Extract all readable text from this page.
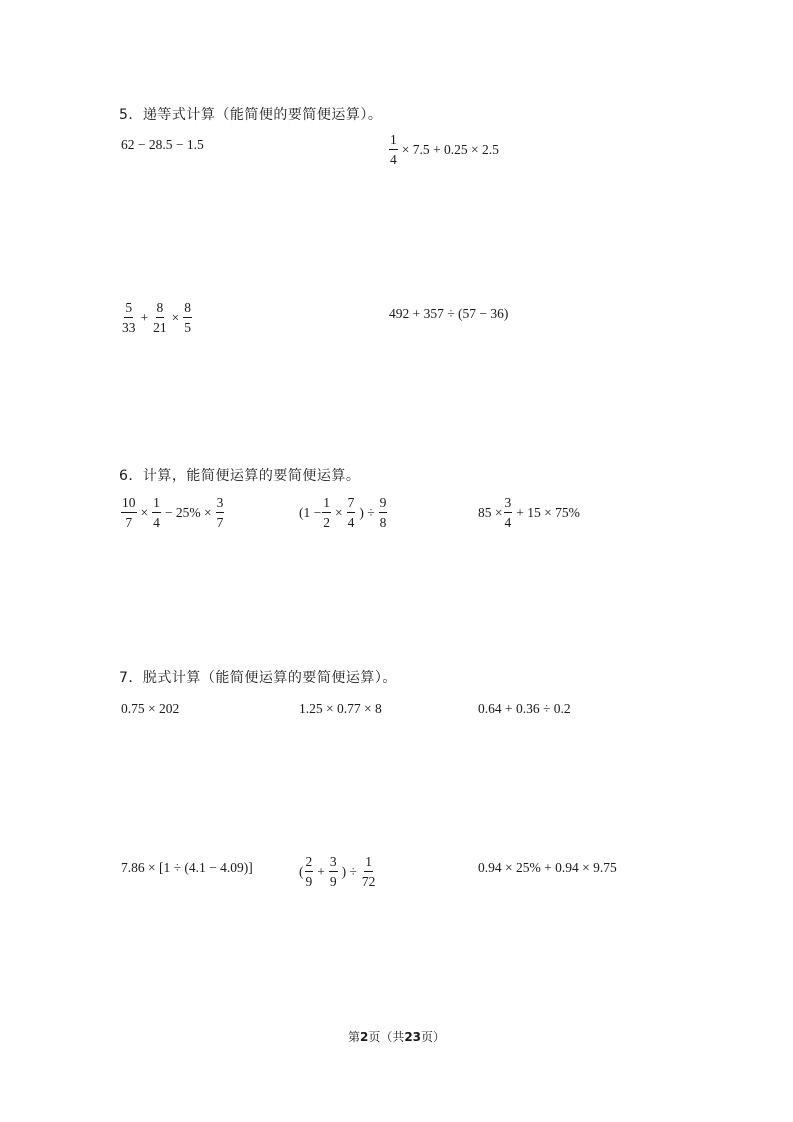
5．递等式计算（能简便的要简便运算）。
62 − 28.5 − 1.5	$\frac{1}{4} \times 7.5 + 0.25 \times 2.5$
$\frac{5}{33} + \frac{8}{21} \times \frac{8}{5}$	492 + 357 ÷ (57 − 36)
6．计算，能简便运算的要简便运算。
$\frac{10}{7} \times \frac{1}{4} - 25\% \times \frac{3}{7}$	($1 - \frac{1}{2} \times \frac{7}{4}$ ) ÷ $\frac{9}{8}$	$85 \times \frac{3}{4} + 15 \times 75\%$
7．脱式计算（能简便运算的要简便运算）。
0.75 × 202	1.25 × 0.77 × 8	0.64 + 0.36 ÷ 0.2
7.86 × [1 ÷ (4.1 − 4.09)]	( $\frac{2}{9} + \frac{3}{9}$ ) ÷ $\frac{1}{72}$	0.94 × 25% + 0.94 × 9.75
第2页（共23页）
